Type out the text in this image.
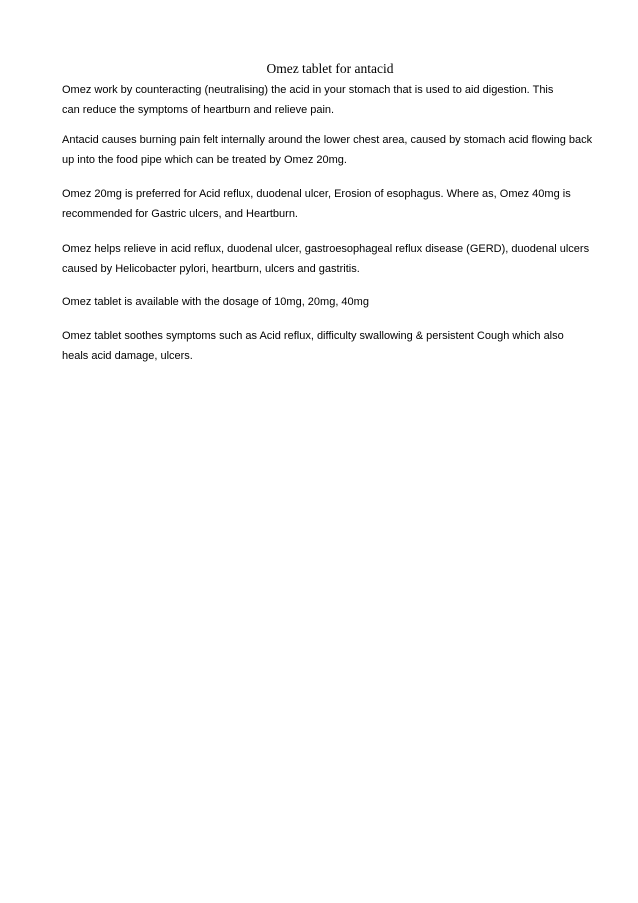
Omez tablet for antacid

Omez work by counteracting (neutralising) the acid in your stomach that is used to aid digestion. This
can reduce the symptoms of heartburn and relieve pain.

Antacid causes burning pain felt internally around the lower chest area, caused by stomach acid flowing back
up into the food pipe which can be treated by Omez 20mg.

Omez 20mg is preferred for Acid reflux, duodenal ulcer, Erosion of esophagus. Where as, Omez 40mg is
recommended for Gastric ulcers, and Heartburn.

Omez helps relieve in acid reflux, duodenal ulcer, gastroesophageal reflux disease (GERD), duodenal ulcers
caused by Helicobacter pylori, heartburn, ulcers and gastritis.

Omez tablet is available with the dosage of 10mg, 20mg, 40mg

Omez tablet soothes symptoms such as Acid reflux, difficulty swallowing & persistent Cough which also
heals acid damage, ulcers.
